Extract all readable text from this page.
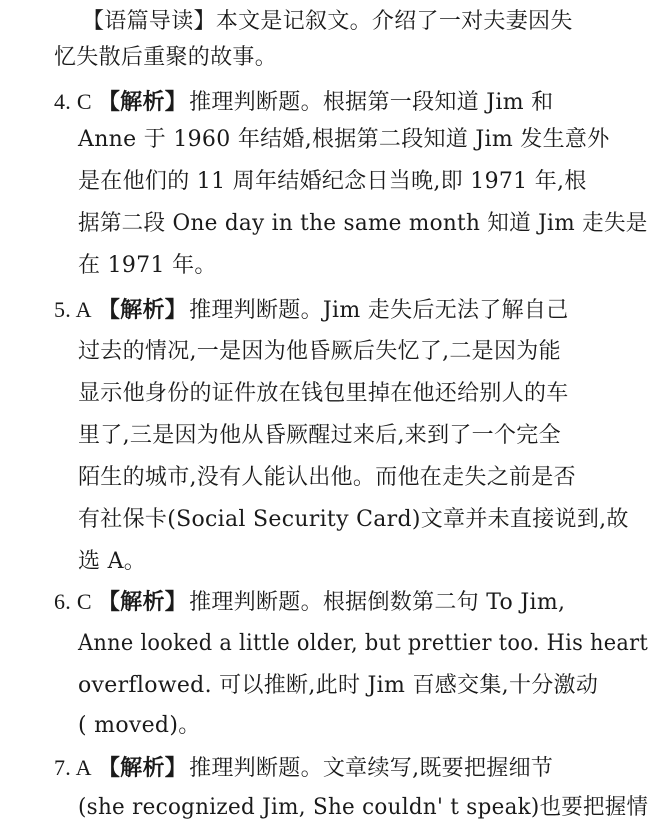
【语篇导读】本文是记叙文。介绍了一对夫妻因失
忆失散后重聚的故事。
4. C 【解析】推理判断题。根据第一段知道 Jim 和
Anne 于 1960 年结婚,根据第二段知道 Jim 发生意外
是在他们的 11 周年结婚纪念日当晚,即 1971 年,根
据第二段 One day in the same month 知道 Jim 走失是
在 1971 年。
5. A 【解析】推理判断题。Jim 走失后无法了解自己
过去的情况,一是因为他昏厥后失忆了,二是因为能
显示他身份的证件放在钱包里掉在他还给别人的车
里了,三是因为他从昏厥醒过来后,来到了一个完全
陌生的城市,没有人能认出他。而他在走失之前是否
有社保卡(Social Security Card)文章并未直接说到,故
选 A。
6. C 【解析】推理判断题。根据倒数第二句 To Jim,
Anne looked a little older, but prettier too. His heart
overflowed. 可以推断,此时 Jim 百感交集,十分激动
( moved)。
7. A 【解析】推理判断题。文章续写,既要把握细节
(she recognized Jim, She couldn' t speak)也要把握情
